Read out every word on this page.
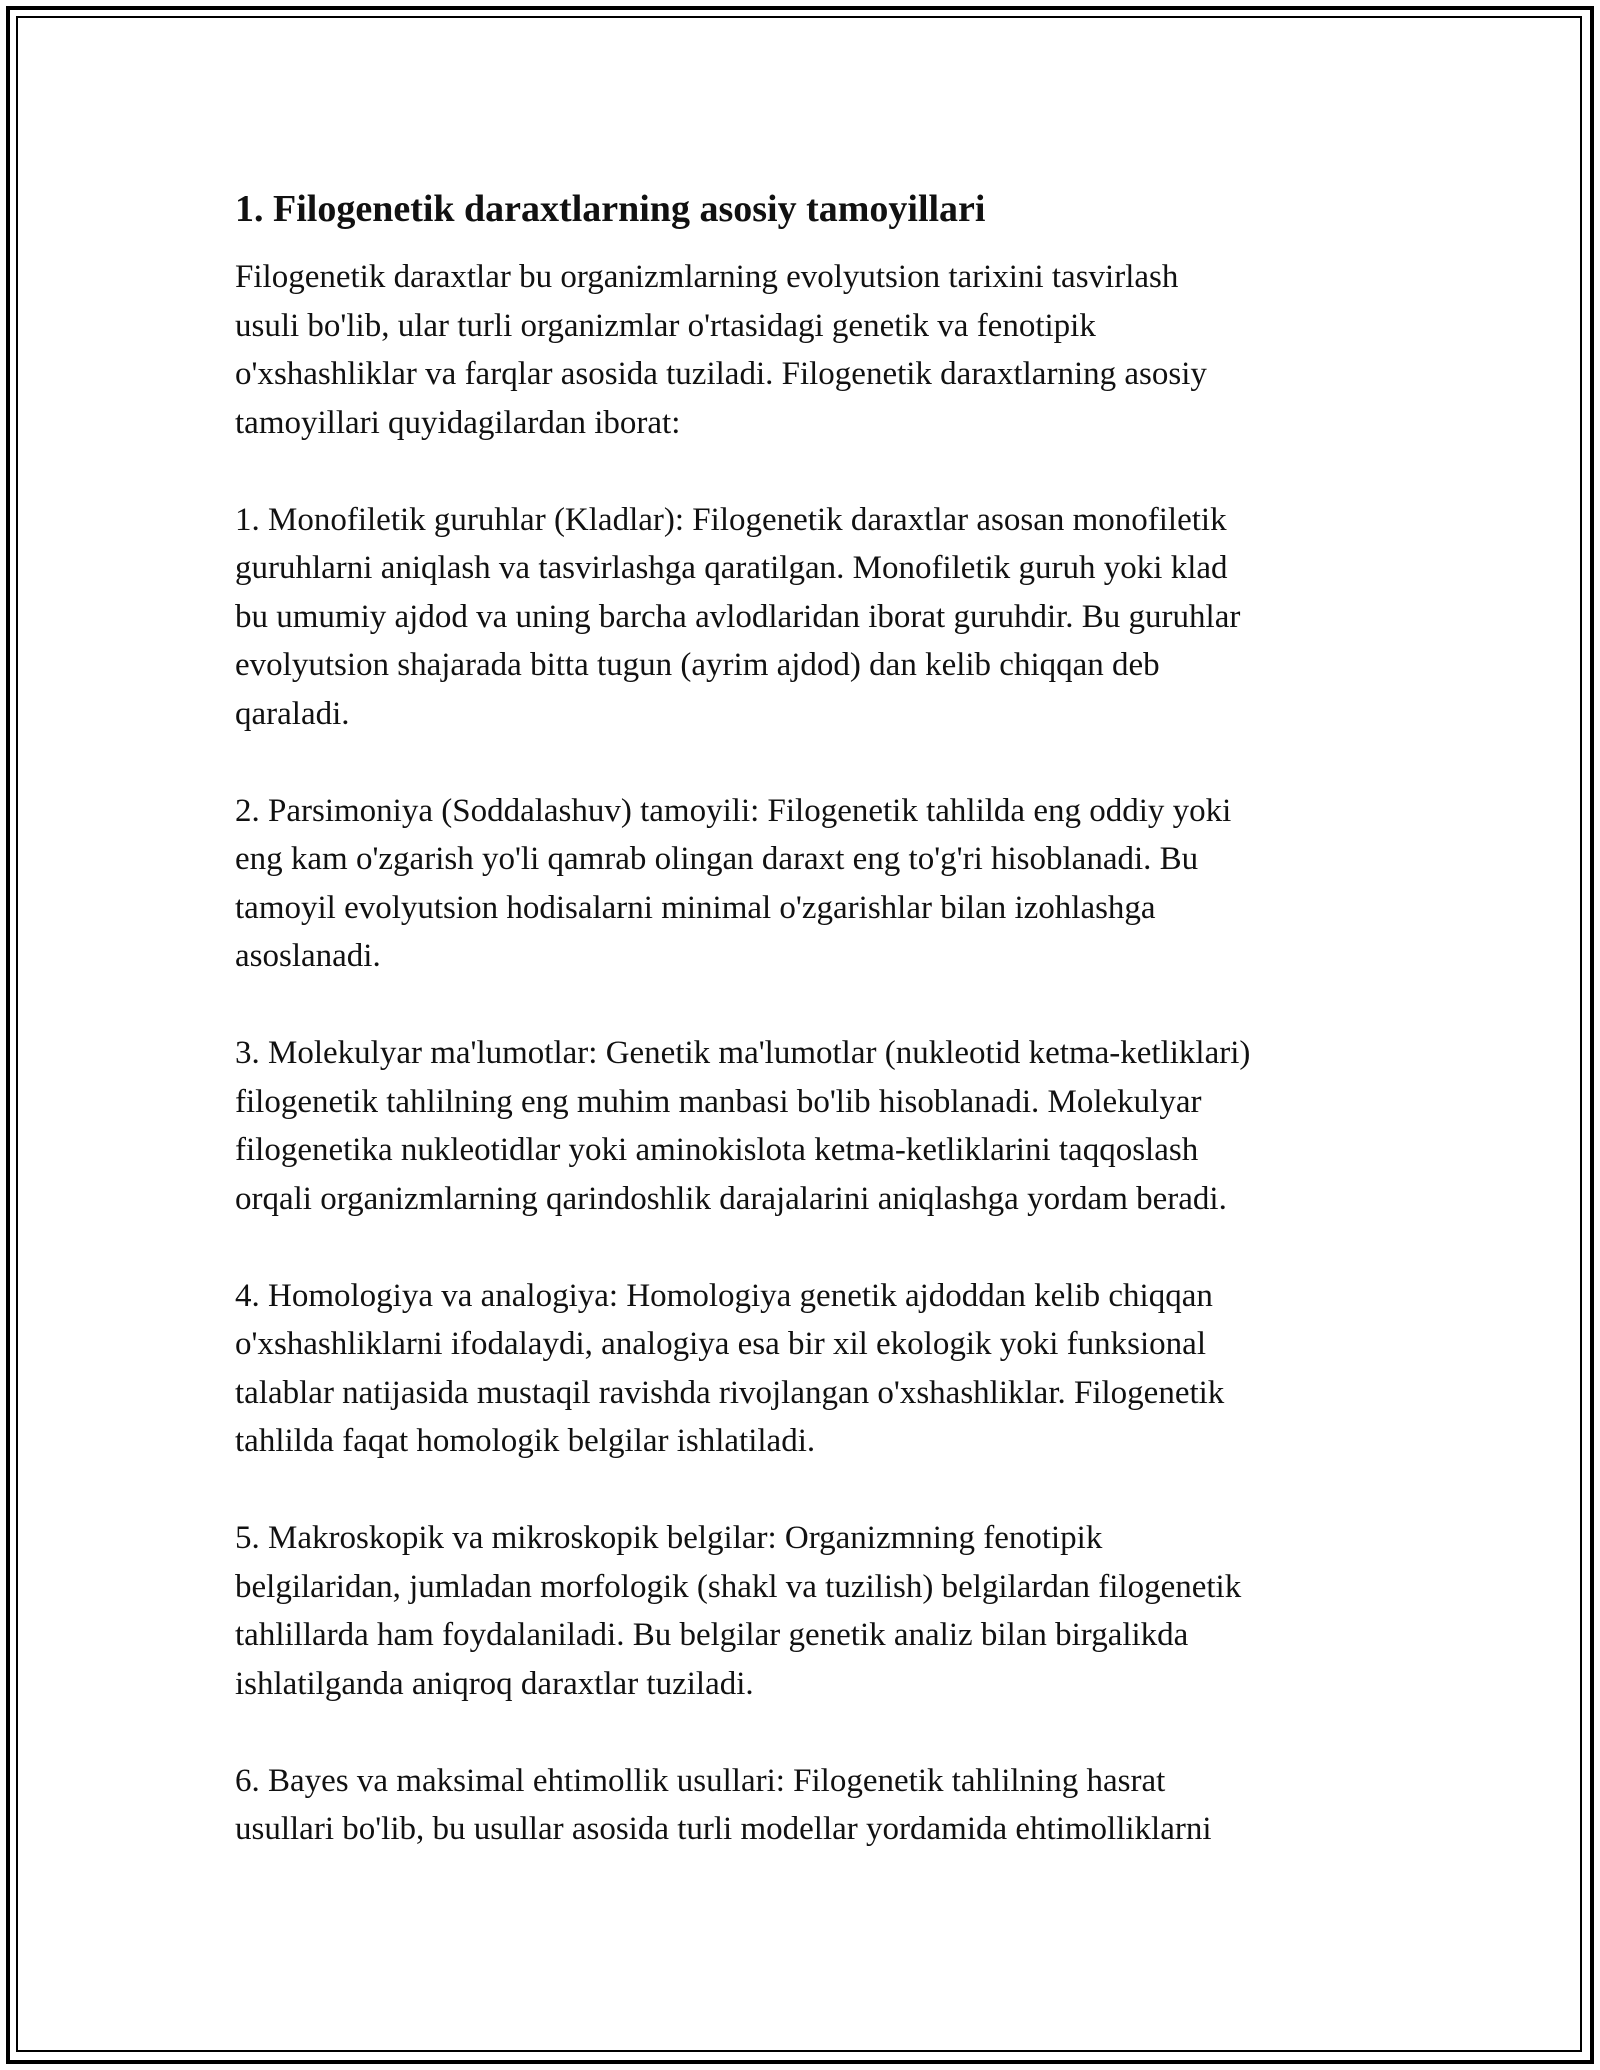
1. Filogenetik daraxtlarning asosiy tamoyillari

Filogenetik daraxtlar bu organizmlarning evolyutsion tarixini tasvirlash
usuli bo'lib, ular turli organizmlar o'rtasidagi genetik va fenotipik
o'xshashliklar va farqlar asosida tuziladi. Filogenetik daraxtlarning asosiy
tamoyillari quyidagilardan iborat:

1. Monofiletik guruhlar (Kladlar): Filogenetik daraxtlar asosan monofiletik
guruhlarni aniqlash va tasvirlashga qaratilgan. Monofiletik guruh yoki klad
bu umumiy ajdod va uning barcha avlodlaridan iborat guruhdir. Bu guruhlar
evolyutsion shajarada bitta tugun (ayrim ajdod) dan kelib chiqqan deb
qaraladi.

2. Parsimoniya (Soddalashuv) tamoyili: Filogenetik tahlilda eng oddiy yoki
eng kam o'zgarish yo'li qamrab olingan daraxt eng to'g'ri hisoblanadi. Bu
tamoyil evolyutsion hodisalarni minimal o'zgarishlar bilan izohlashga
asoslanadi.

3. Molekulyar ma'lumotlar: Genetik ma'lumotlar (nukleotid ketma-ketliklari)
filogenetik tahlilning eng muhim manbasi bo'lib hisoblanadi. Molekulyar
filogenetika nukleotidlar yoki aminokislota ketma-ketliklarini taqqoslash
orqali organizmlarning qarindoshlik darajalarini aniqlashga yordam beradi.

4. Homologiya va analogiya: Homologiya genetik ajdoddan kelib chiqqan
o'xshashliklarni ifodalaydi, analogiya esa bir xil ekologik yoki funksional
talablar natijasida mustaqil ravishda rivojlangan o'xshashliklar. Filogenetik
tahlilda faqat homologik belgilar ishlatiladi.

5. Makroskopik va mikroskopik belgilar: Organizmning fenotipik
belgilaridan, jumladan morfologik (shakl va tuzilish) belgilardan filogenetik
tahlillarda ham foydalaniladi. Bu belgilar genetik analiz bilan birgalikda
ishlatilganda aniqroq daraxtlar tuziladi.

6. Bayes va maksimal ehtimollik usullari: Filogenetik tahlilning hasrat
usullari bo'lib, bu usullar asosida turli modellar yordamida ehtimolliklarni
